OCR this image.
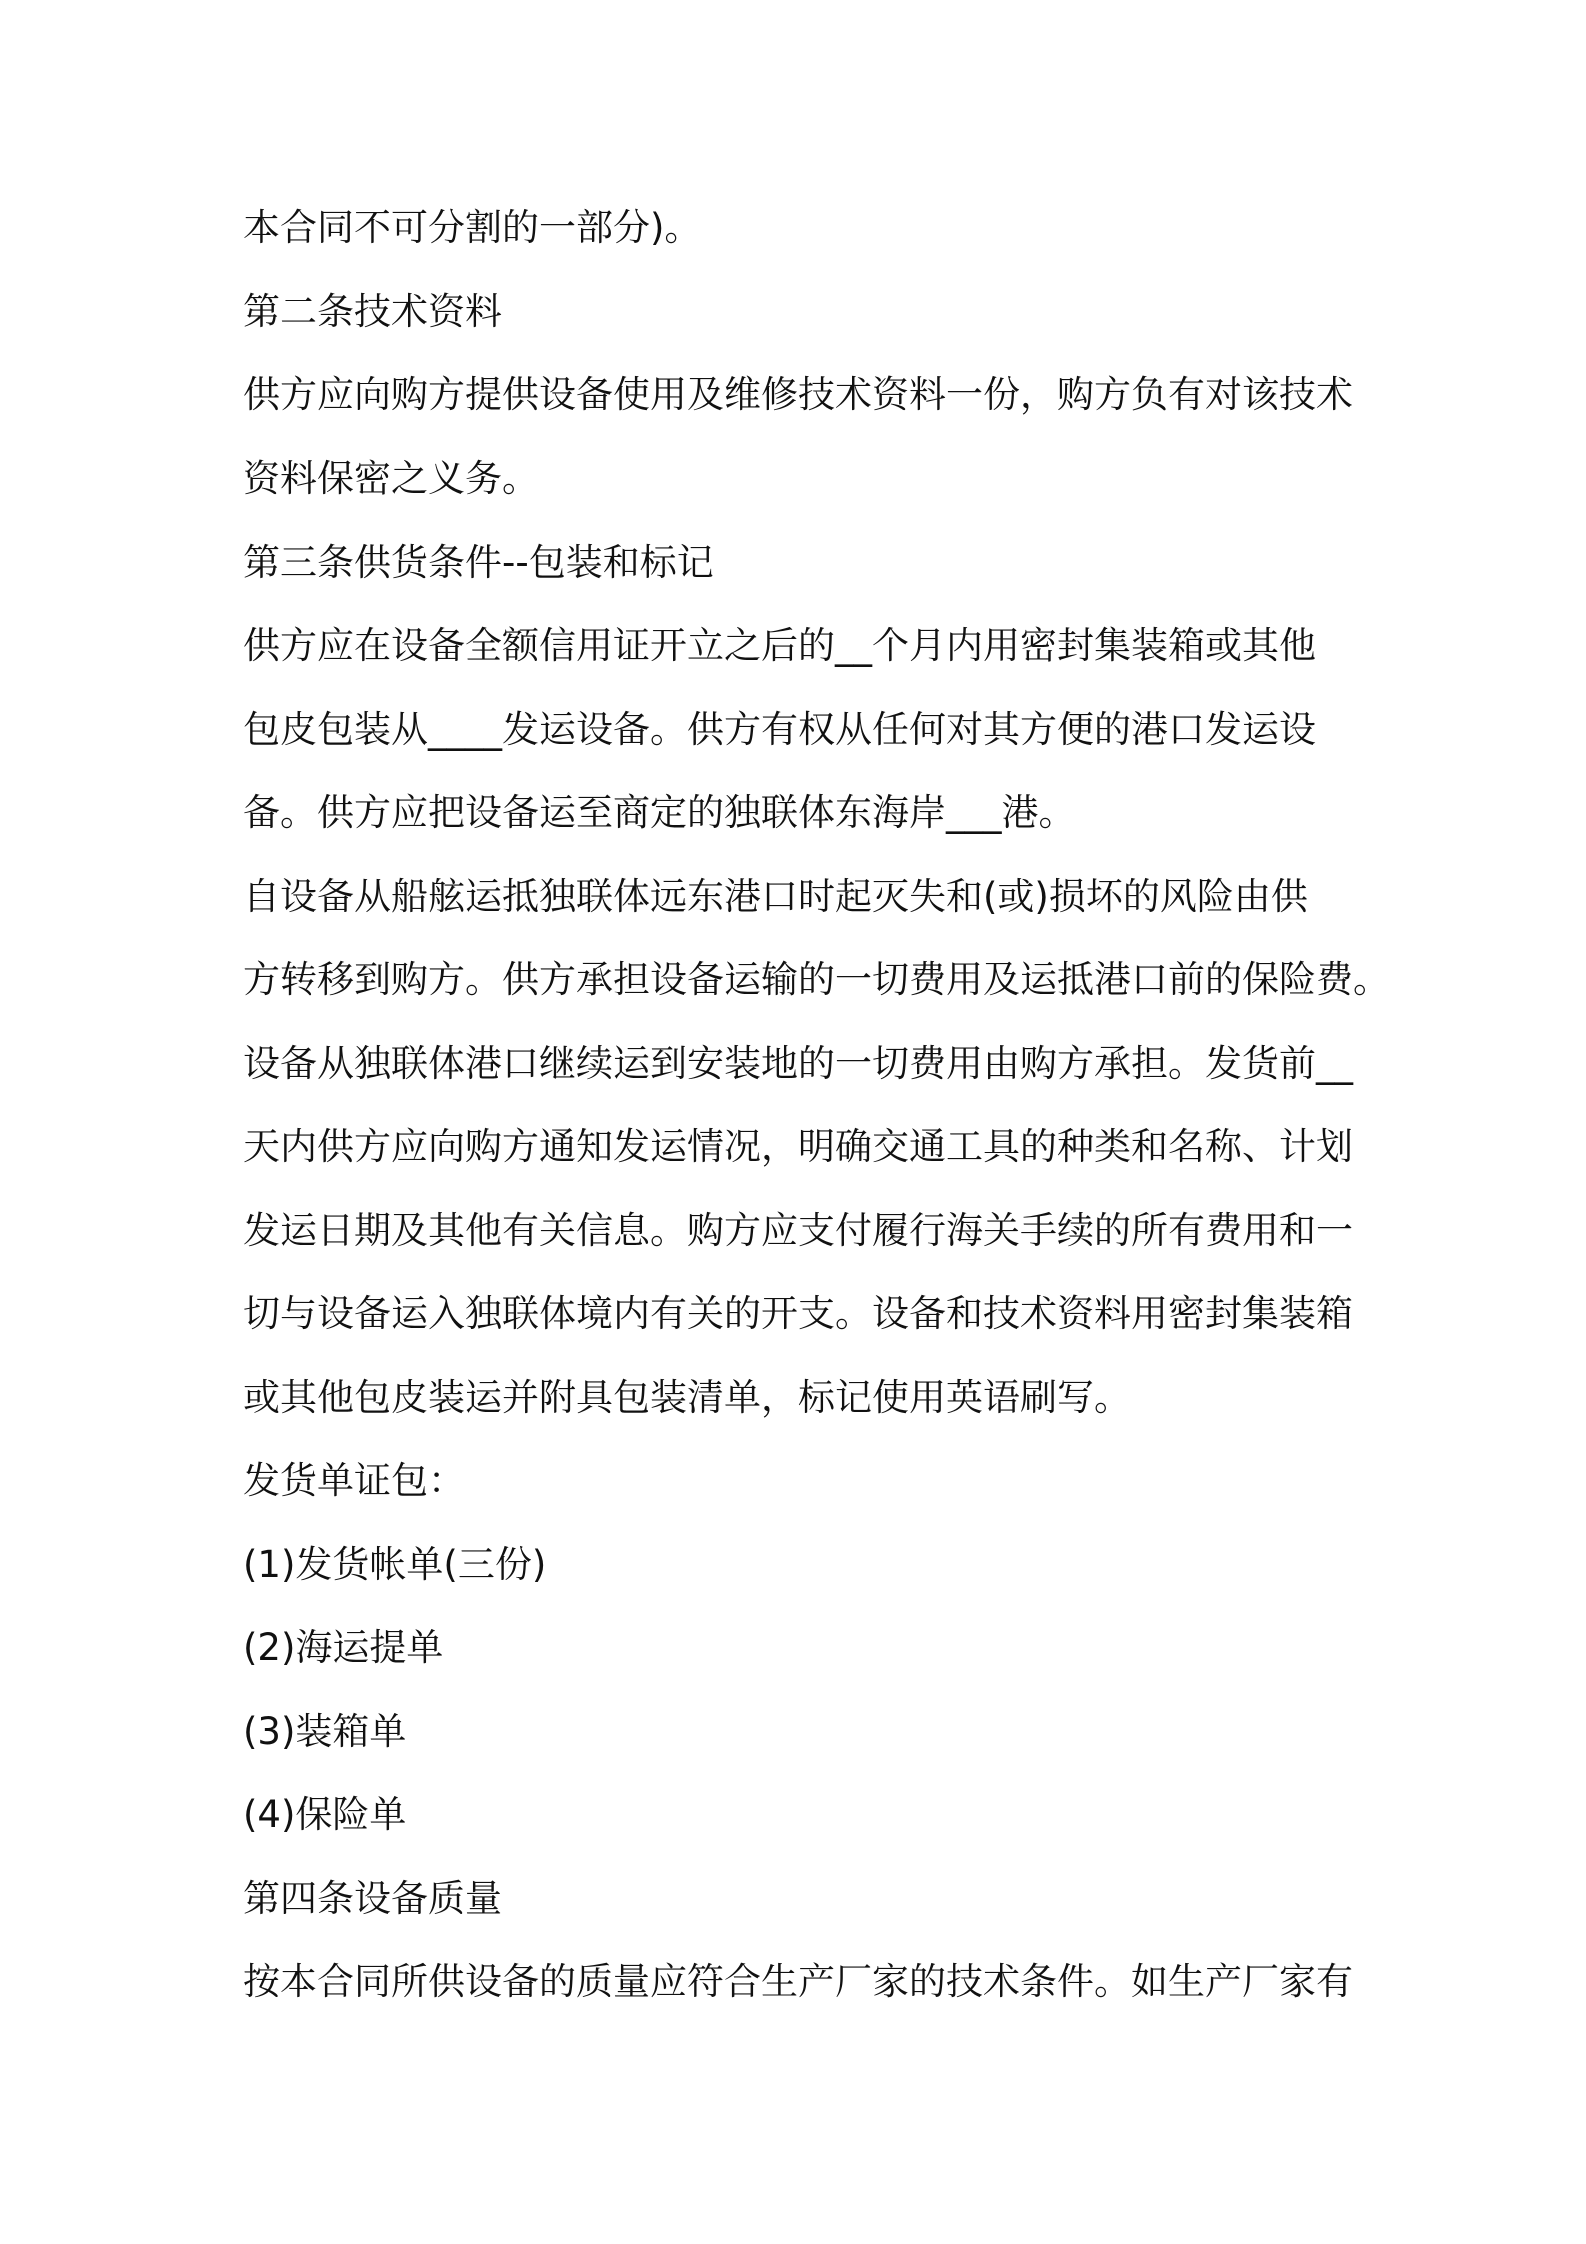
本合同不可分割的一部分)。
第二条技术资料
供方应向购方提供设备使用及维修技术资料一份，购方负有对该技术
资料保密之义务。
第三条供货条件--包装和标记
供方应在设备全额信用证开立之后的__个月内用密封集装箱或其他
包皮包装从____发运设备。供方有权从任何对其方便的港口发运设
备。供方应把设备运至商定的独联体东海岸___港。
自设备从船舷运抵独联体远东港口时起灭失和(或)损坏的风险由供
方转移到购方。供方承担设备运输的一切费用及运抵港口前的保险费。
设备从独联体港口继续运到安装地的一切费用由购方承担。发货前__
天内供方应向购方通知发运情况，明确交通工具的种类和名称、计划
发运日期及其他有关信息。购方应支付履行海关手续的所有费用和一
切与设备运入独联体境内有关的开支。设备和技术资料用密封集装箱
或其他包皮装运并附具包装清单，标记使用英语刷写。
发货单证包：
(1)发货帐单(三份)
(2)海运提单
(3)装箱单
(4)保险单
第四条设备质量
按本合同所供设备的质量应符合生产厂家的技术条件。如生产厂家有
